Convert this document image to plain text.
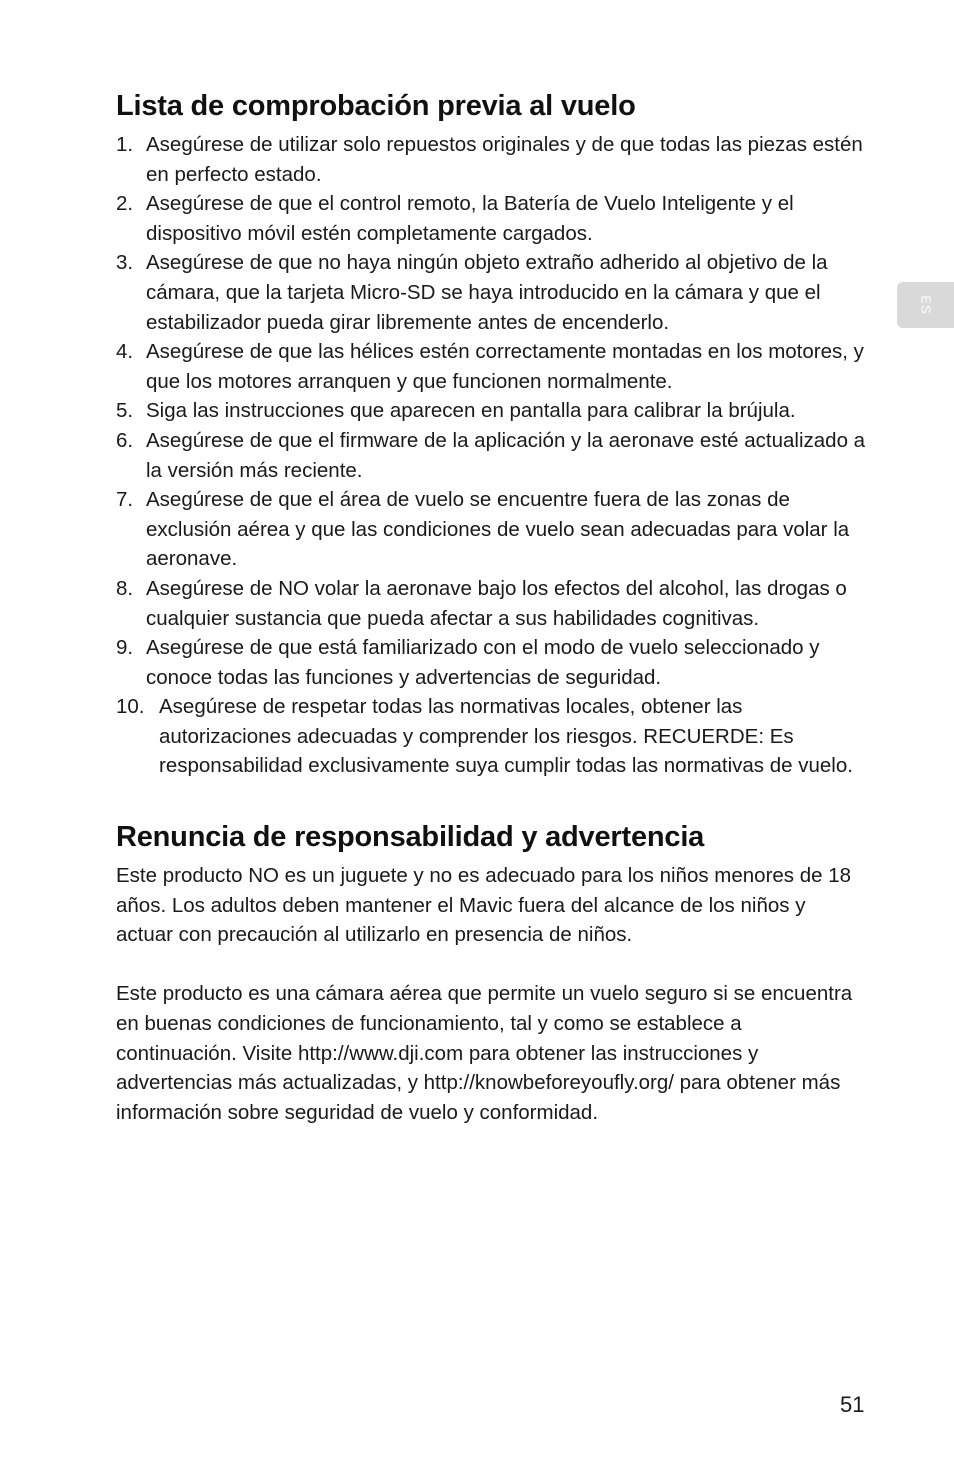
Lista de comprobación previa al vuelo
1. Asegúrese de utilizar solo repuestos originales y de que todas las piezas estén en perfecto estado.
2. Asegúrese de que el control remoto, la Batería de Vuelo Inteligente y el dispositivo móvil estén completamente cargados.
3. Asegúrese de que no haya ningún objeto extraño adherido al objetivo de la cámara, que la tarjeta Micro-SD se haya introducido en la cámara y que el estabilizador pueda girar libremente antes de encenderlo.
4. Asegúrese de que las hélices estén correctamente montadas en los motores, y que los motores arranquen y que funcionen normalmente.
5. Siga las instrucciones que aparecen en pantalla para calibrar la brújula.
6. Asegúrese de que el firmware de la aplicación y la aeronave esté actualizado a la versión más reciente.
7. Asegúrese de que el área de vuelo se encuentre fuera de las zonas de exclusión aérea y que las condiciones de vuelo sean adecuadas para volar la aeronave.
8. Asegúrese de NO volar la aeronave bajo los efectos del alcohol, las drogas o cualquier sustancia que pueda afectar a sus habilidades cognitivas.
9. Asegúrese de que está familiarizado con el modo de vuelo seleccionado y conoce todas las funciones y advertencias de seguridad.
10. Asegúrese de respetar todas las normativas locales, obtener las autorizaciones adecuadas y comprender los riesgos. RECUERDE: Es responsabilidad exclusivamente suya cumplir todas las normativas de vuelo.
Renuncia de responsabilidad y advertencia

Este producto NO es un juguete y no es adecuado para los niños menores de 18 años. Los adultos deben mantener el Mavic fuera del alcance de los niños y actuar con precaución al utilizarlo en presencia de niños.

Este producto es una cámara aérea que permite un vuelo seguro si se encuentra en buenas condiciones de funcionamiento, tal y como se establece a continuación. Visite http://www.dji.com para obtener las instrucciones y advertencias más actualizadas, y http://knowbeforeyoufly.org/ para obtener más información sobre seguridad de vuelo y conformidad.

ES
51
